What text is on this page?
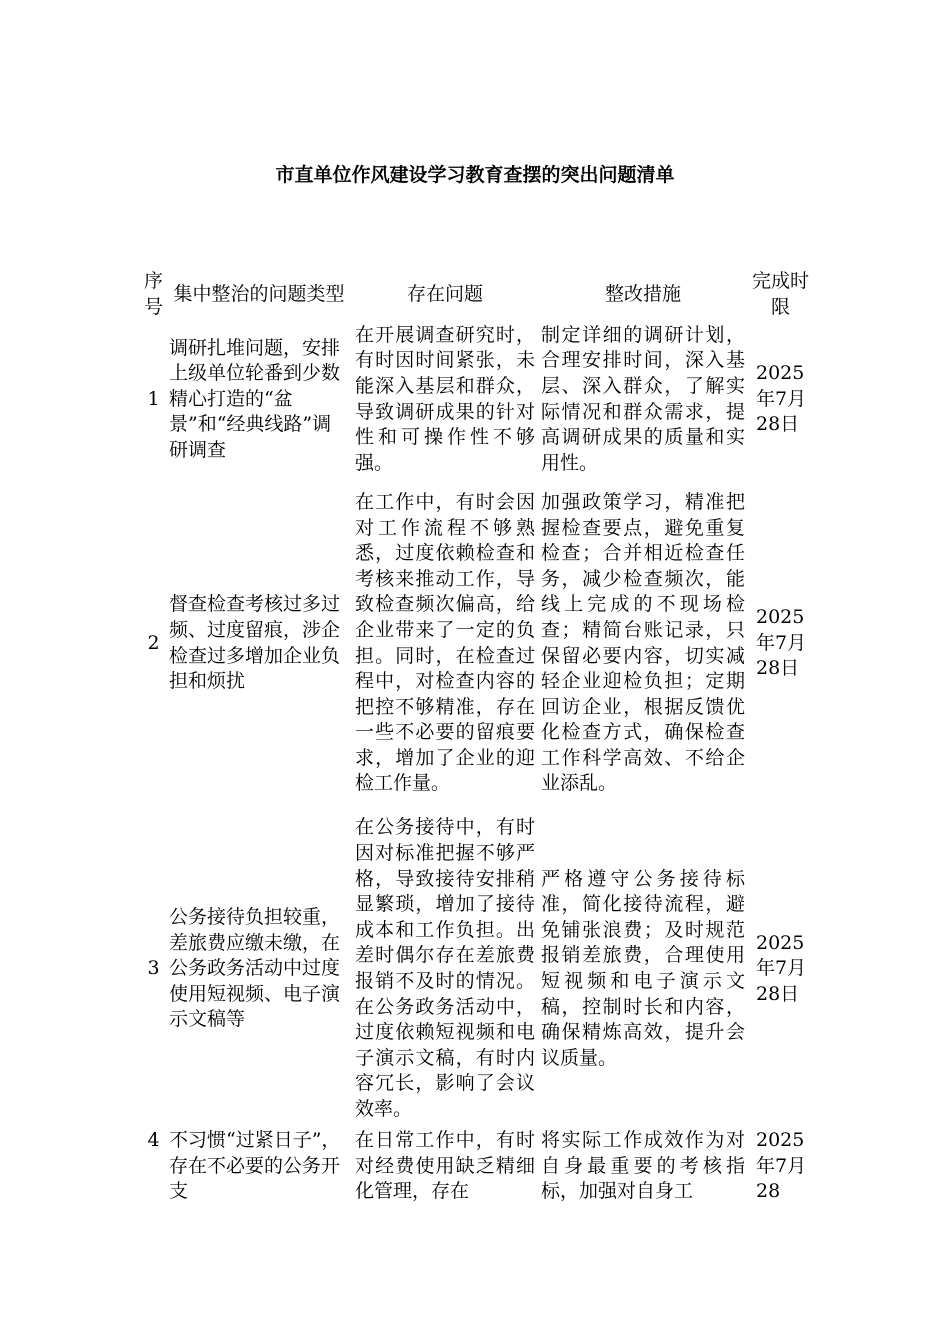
市直单位作风建设学习教育查摆的突出问题清单
序号	集中整治的问题类型	存在问题	整改措施	完成时限
1	调研扎堆问题，安排上级单位轮番到少数精心打造的“盆景”和“经典线路”调研调查	在开展调查研究时，有时因时间紧张，未能深入基层和群众，导致调研成果的针对性和可操作性不够强。	制定详细的调研计划，合理安排时间，深入基层、深入群众，了解实际情况和群众需求，提高调研成果的质量和实用性。	2025年7月28日
2	督查检查考核过多过频、过度留痕，涉企检查过多增加企业负担和烦扰	在工作中，有时会因对工作流程不够熟悉，过度依赖检查和考核来推动工作，导致检查频次偏高，给企业带来了一定的负担。同时，在检查过程中，对检查内容的把控不够精准，存在一些不必要的留痕要求，增加了企业的迎检工作量。	加强政策学习，精准把握检查要点，避免重复检查；合并相近检查任务，减少检查频次，能线上完成的不现场检查；精简台账记录，只保留必要内容，切实减轻企业迎检负担；定期回访企业，根据反馈优化检查方式，确保检查工作科学高效、不给企业添乱。	2025年7月28日
3	公务接待负担较重，差旅费应缴未缴，在公务政务活动中过度使用短视频、电子演示文稿等	在公务接待中，有时因对标准把握不够严格，导致接待安排稍显繁琐，增加了接待成本和工作负担。出差时偶尔存在差旅费报销不及时的情况。在公务政务活动中，过度依赖短视频和电子演示文稿，有时内容冗长，影响了会议效率。	严格遵守公务接待标准，简化接待流程，避免铺张浪费；及时规范报销差旅费，合理使用短视频和电子演示文稿，控制时长和内容，确保精炼高效，提升会议质量。	2025年7月28日
4	不习惯“过紧日子”，存在不必要的公务开支	在日常工作中，有时对经费使用缺乏精细化管理，存在	将实际工作成效作为对自身最重要的考核指标，加强对自身工	2025年7月28
